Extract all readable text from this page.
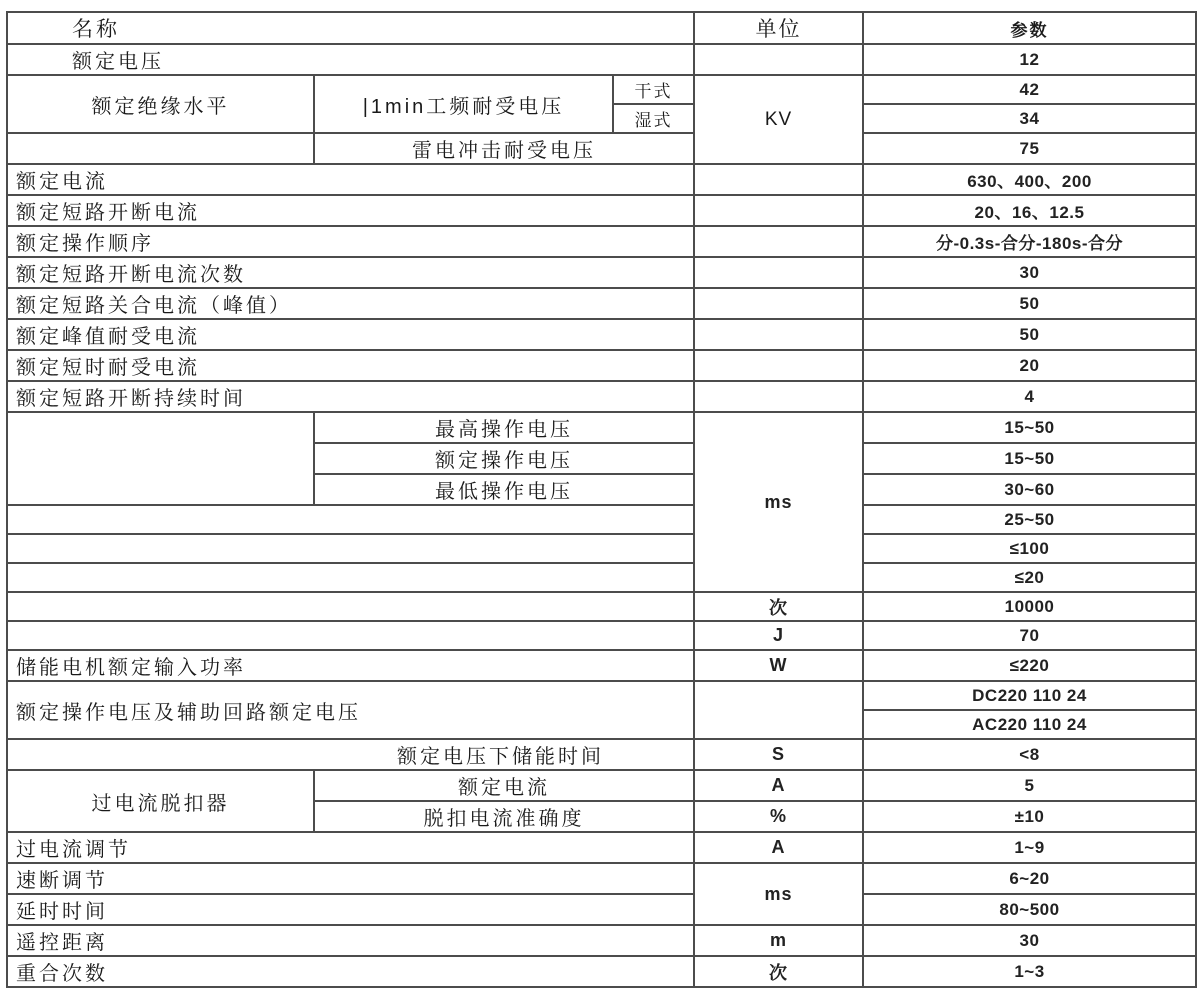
名称			单位	参数
额定电压				12
额定绝缘水平	|1min工频耐受电压	干式	KV	42
		湿式		34
	雷电冲击耐受电压			75
额定电流				630、400、200
额定短路开断电流				20、16、12.5
额定操作顺序				分-0.3s-合分-180s-合分
额定短路开断电流次数				30
额定短路关合电流（峰值）				50
额定峰值耐受电流				50
额定短时耐受电流				20
额定短路开断持续时间				4
	最高操作电压		ms	15~50
	额定操作电压			15~50
	最低操作电压			30~60
				25~50
				≤100
				≤20
			次	10000
			J	70
储能电机额定输入功率			W	≤220
额定操作电压及辅助回路额定电压				DC220 110 24
				AC220 110 24
额定电压下储能时间			S	<8
过电流脱扣器	额定电流		A	5
	脱扣电流准确度		%	±10
过电流调节			A	1~9
速断调节			ms	6~20
延时时间				80~500
遥控距离			m	30
重合次数			次	1~3
